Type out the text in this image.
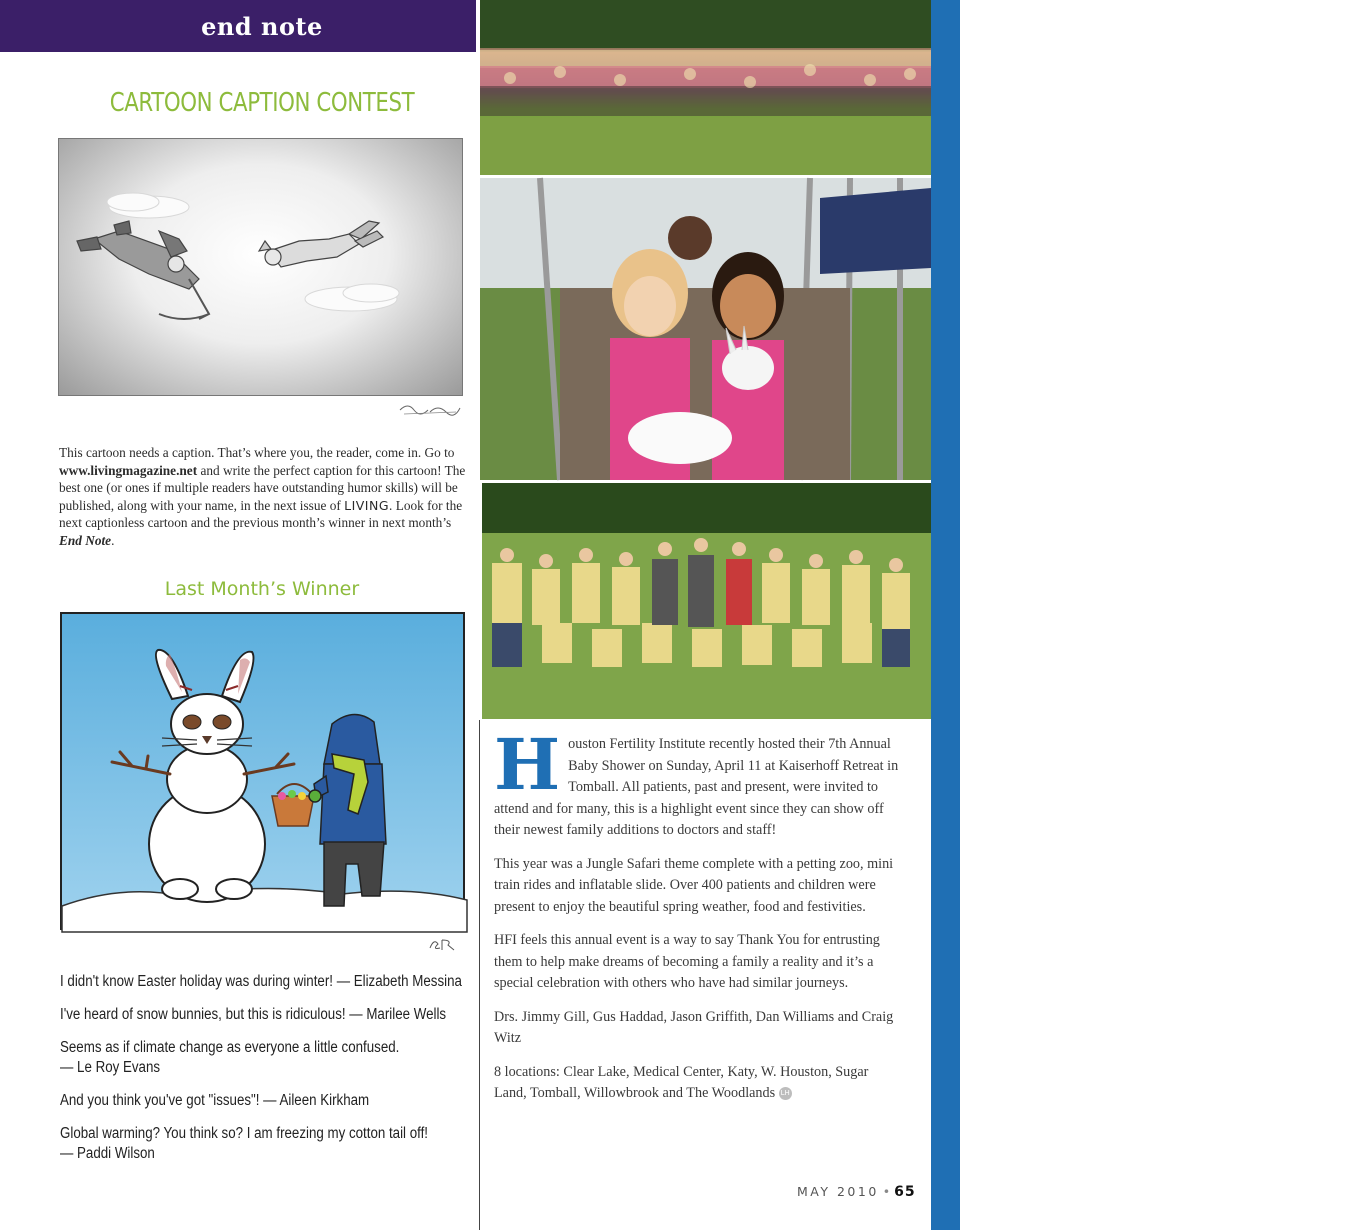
end note
CARTOON CAPTION CONTEST
This cartoon needs a caption. That’s where you, the reader, come in. Go to www.livingmagazine.net and write the perfect caption for this cartoon! The best one (or ones if multiple readers have outstanding humor skills) will be published, along with your name, in the next issue of LIVING. Look for the next captionless cartoon and the previous month’s winner in next month’s End Note.
Last Month’s Winner
I didn't know Easter holiday was during winter! — Elizabeth Messina
I've heard of snow bunnies, but this is ridiculous! — Marilee Wells
Seems as if climate change as everyone a little confused.
— Le Roy Evans
And you think you've got "issues"! — Aileen Kirkham
Global warming? You think so? I am freezing my cotton tail off!
— Paddi Wilson
HOUSTON FERTILITY out & about

Houston Fertility Institute recently hosted their 7th Annual Baby Shower on Sunday, April 11 at Kaiserhoff Retreat in Tomball. All patients, past and present, were invited to attend and for many, this is a highlight event since they can show off their newest family additions to doctors and staff!

This year was a Jungle Safari theme complete with a petting zoo, mini train rides and inflatable slide. Over 400 patients and children were present to enjoy the beautiful spring weather, food and festivities.

HFI feels this annual event is a way to say Thank You for entrusting them to help make dreams of becoming a family a reality and it’s a special celebration with others who have had similar journeys.

Drs. Jimmy Gill, Gus Haddad, Jason Griffith, Dan Williams and Craig Witz

8 locations: Clear Lake, Medical Center, Katy, W. Houston, Sugar Land, Tomball, Willowbrook and The Woodlands LH

MAY 2010 • 65
